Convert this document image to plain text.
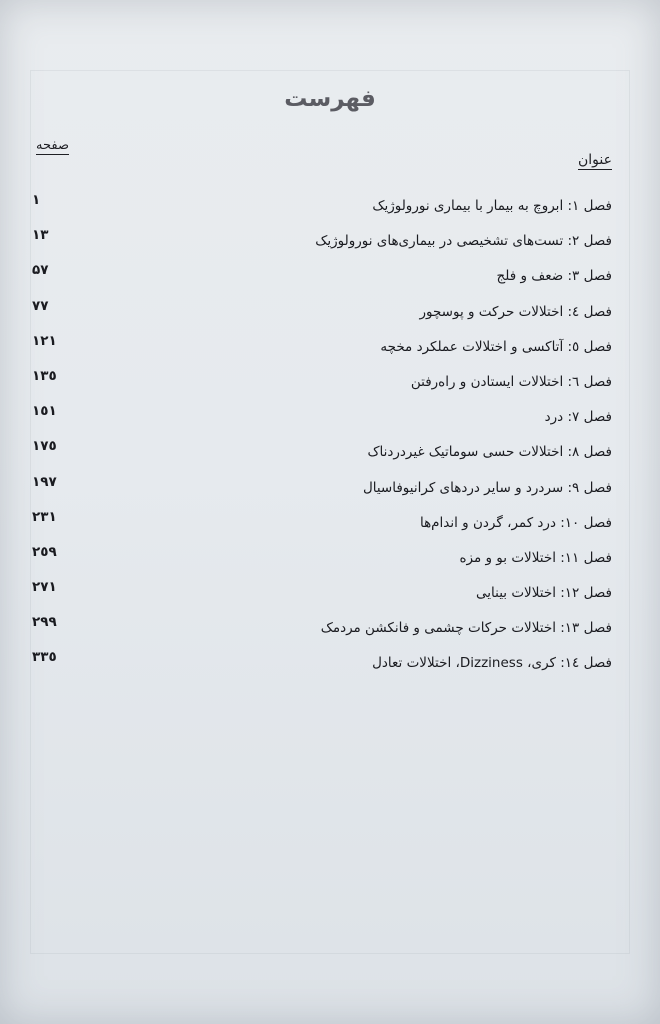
فهرست
عنوان
صفحه
فصل ۱: ابروچ به بیمار با بیماری نورولوژیک
۱
فصل ۲: تست‌های تشخیصی در بیماری‌های نورولوژیک
۱۳
فصل ۳: ضعف و فلج
۵۷
فصل ٤: اختلالات حرکت و پوسچور
۷۷
فصل ٥: آتاکسی و اختلالات عملکرد مخچه
۱۲۱
فصل ٦: اختلالات ایستادن و راه‌رفتن
۱۳٥
فصل ۷: درد
۱٥۱
فصل ۸: اختلالات حسی سوماتیک غیردردناک
۱۷٥
فصل ۹: سردرد و سایر دردهای کرانیوفاسیال
۱۹۷
فصل ۱۰: درد کمر، گردن و اندام‌ها
۲۳۱
فصل ۱۱: اختلالات بو و مزه
۲٥۹
فصل ۱۲: اختلالات بینایی
۲۷۱
فصل ۱۳: اختلالات حرکات چشمی و فانکشن مردمک
۲۹۹
فصل ١٤: کری، Dizziness، اختلالات تعادل
۳۳٥
